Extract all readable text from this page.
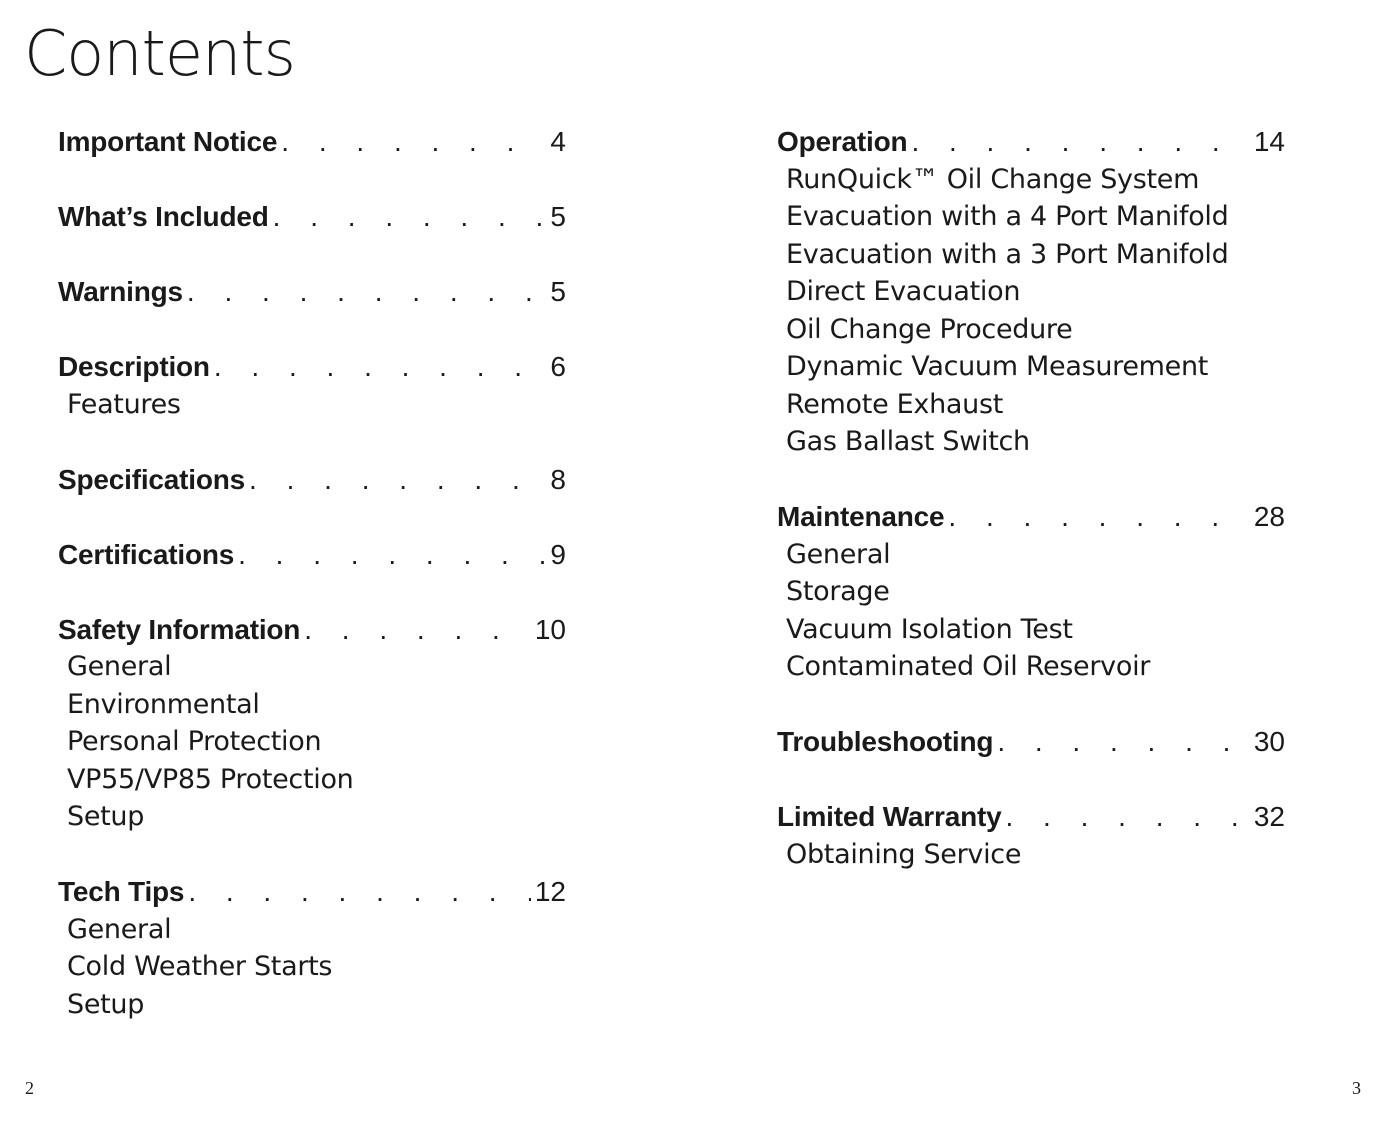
Contents
Important Notice . . .	4
What’s Included . . .	5
Warnings . . .	5
Description . . .	6
Features
Specifications . . .	8
Certifications . . .	9
Safety Information . . .	10
General
Environmental
Personal Protection
VP55/VP85 Protection
Setup
Tech Tips . . .	12
General
Cold Weather Starts
Setup
Operation . . .	14
RunQuick™ Oil Change System
Evacuation with a 4 Port Manifold
Evacuation with a 3 Port Manifold
Direct Evacuation
Oil Change Procedure
Dynamic Vacuum Measurement
Remote Exhaust
Gas Ballast Switch
Maintenance . . .	28
General
Storage
Vacuum Isolation Test
Contaminated Oil Reservoir
Troubleshooting . . .	30
Limited Warranty . . .	32
Obtaining Service
2	3
